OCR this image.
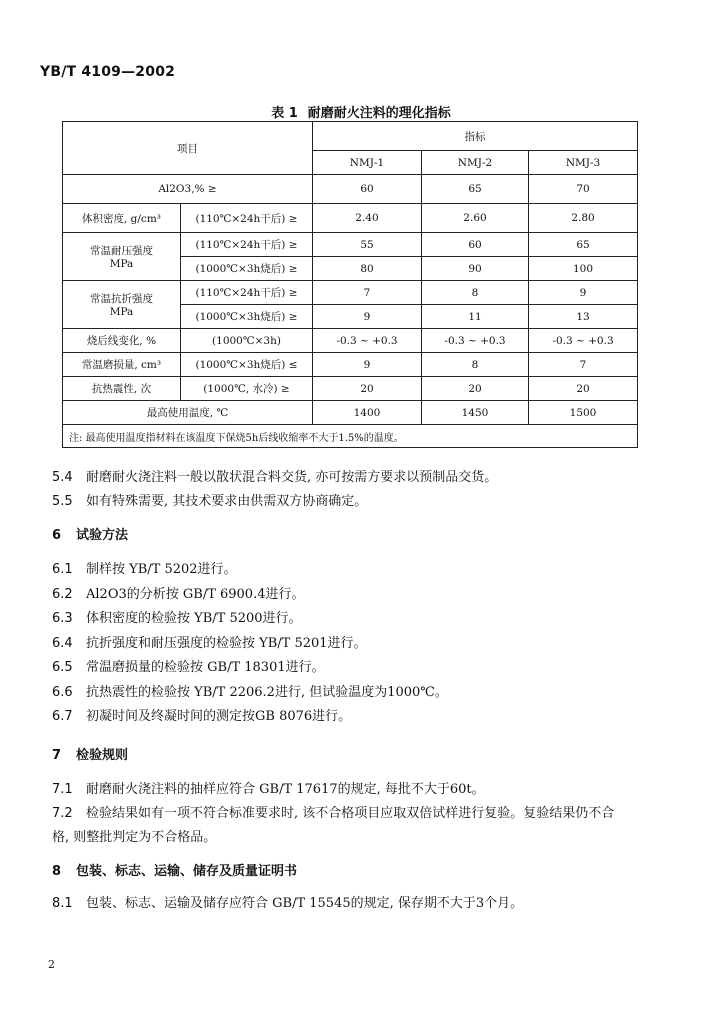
YB/T 4109—2002
表 1 耐磨耐火注料的理化指标
项目		指标		
		NMJ-1	NMJ-2	NMJ-3
Al2O3,% ≥		60	65	70
体积密度, g/cm³	(110℃×24h干后) ≥	2.40	2.60	2.80

常温耐压强度
MPa	(110℃×24h干后) ≥	55	60	65
	(1000℃×3h烧后) ≥	80	90	100

常温抗折强度
MPa	(110℃×24h干后) ≥	7	8	9
	(1000℃×3h烧后) ≥	9	11	13
烧后线变化, %	(1000℃×3h)	-0.3 ~ +0.3	-0.3 ~ +0.3	-0.3 ~ +0.3
常温磨损量, cm³	(1000℃×3h烧后) ≤	9	8	7
抗热震性, 次	(1000℃, 水冷) ≥	20	20	20
最高使用温度, ℃		1400	1450	1500
注: 最高使用温度指材料在该温度下保烧5h后线收缩率不大于1.5%的温度。				
5.4 耐磨耐火浇注料一般以散状混合料交货, 亦可按需方要求以预制品交货。
5.5 如有特殊需要, 其技术要求由供需双方协商确定。
6 试验方法
6.1 制样按 YB/T 5202进行。
6.2 Al2O3的分析按 GB/T 6900.4进行。
6.3 体积密度的检验按 YB/T 5200进行。
6.4 抗折强度和耐压强度的检验按 YB/T 5201进行。
6.5 常温磨损量的检验按 GB/T 18301进行。
6.6 抗热震性的检验按 YB/T 2206.2进行, 但试验温度为1000℃。
6.7 初凝时间及终凝时间的测定按GB 8076进行。
7 检验规则
7.1 耐磨耐火浇注料的抽样应符合 GB/T 17617的规定, 每批不大于60t。
7.2 检验结果如有一项不符合标准要求时, 该不合格项目应取双倍试样进行复验。复验结果仍不合
格, 则整批判定为不合格品。
8 包装、标志、运输、储存及质量证明书
8.1 包装、标志、运输及储存应符合 GB/T 15545的规定, 保存期不大于3个月。
2
